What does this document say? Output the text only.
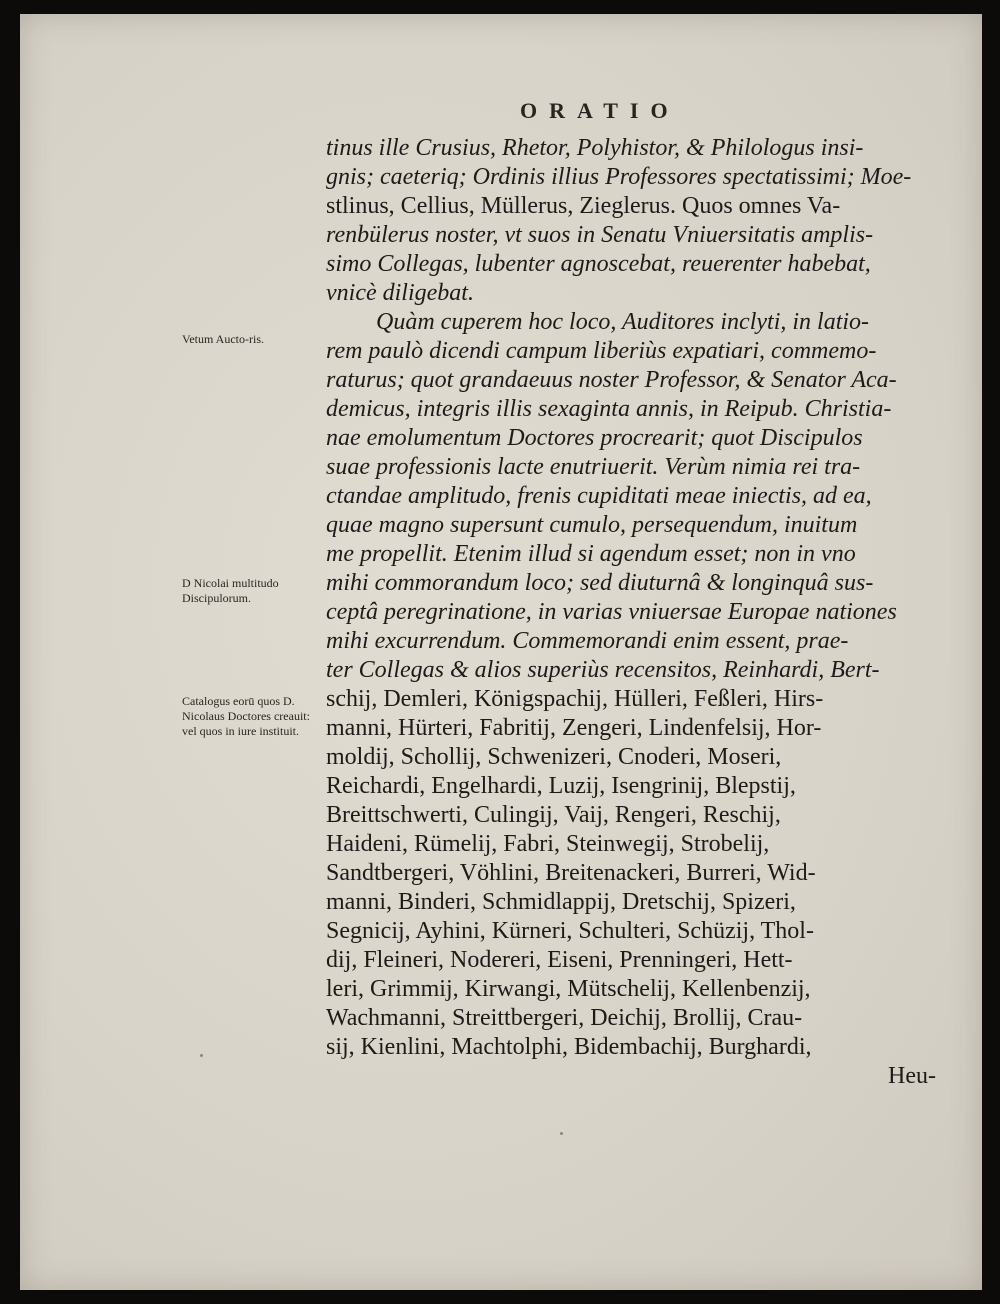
ORATIO
Vetum Aucto-ris.
D Nicolai multitudo Discipulorum.
Catalogus eorū quos D. Nicolaus Doctores creauit: vel quos in iure instituit.
tinus ille Crusius, Rhetor, Polyhistor, & Philologus insi-
gnis; caeteriq; Ordinis illius Professores spectatissimi; Moe-
stlinus, Cellius, Müllerus, Zieglerus. Quos omnes Va-
renbülerus noster, vt suos in Senatu Vniuersitatis amplis-
simo Collegas, lubenter agnoscebat, reuerenter habebat,
vnicè diligebat.
Quàm cuperem hoc loco, Auditores inclyti, in latio-
rem paulò dicendi campum liberiùs expatiari, commemo-
raturus; quot grandaeuus noster Professor, & Senator Aca-
demicus, integris illis sexaginta annis, in Reipub. Christia-
nae emolumentum Doctores procrearit; quot Discipulos
suae professionis lacte enutriuerit. Verùm nimia rei tra-
ctandae amplitudo, frenis cupiditati meae iniectis, ad ea,
quae magno supersunt cumulo, persequendum, inuitum
me propellit. Etenim illud si agendum esset; non in vno
mihi commorandum loco; sed diuturnâ & longinquâ sus-
ceptâ peregrinatione, in varias vniuersae Europae nationes
mihi excurrendum. Commemorandi enim essent, prae-
ter Collegas & alios superiùs recensitos, Reinhardi, Bert-
schij, Demleri, Königspachij, Hülleri, Feßleri, Hirs-
manni, Hürteri, Fabritij, Zengeri, Lindenfelsij, Hor-
moldij, Schollij, Schwenizeri, Cnoderi, Moseri,
Reichardi, Engelhardi, Luzij, Isengrinij, Blepstij,
Breittschwerti, Culingij, Vaij, Rengeri, Reschij,
Haideni, Rümelij, Fabri, Steinwegij, Strobelij,
Sandtbergeri, Vöhlini, Breitenackeri, Burreri, Wid-
manni, Binderi, Schmidlappij, Dretschij, Spizeri,
Segnicij, Ayhini, Kürneri, Schulteri, Schüzij, Thol-
dij, Fleineri, Nodereri, Eiseni, Prenningeri, Hett-
leri, Grimmij, Kirwangi, Mütschelij, Kellenbenzij,
Wachmanni, Streittbergeri, Deichij, Brollij, Crau-
sij, Kienlini, Machtolphi, Bidembachij, Burghardi,
Heu-
